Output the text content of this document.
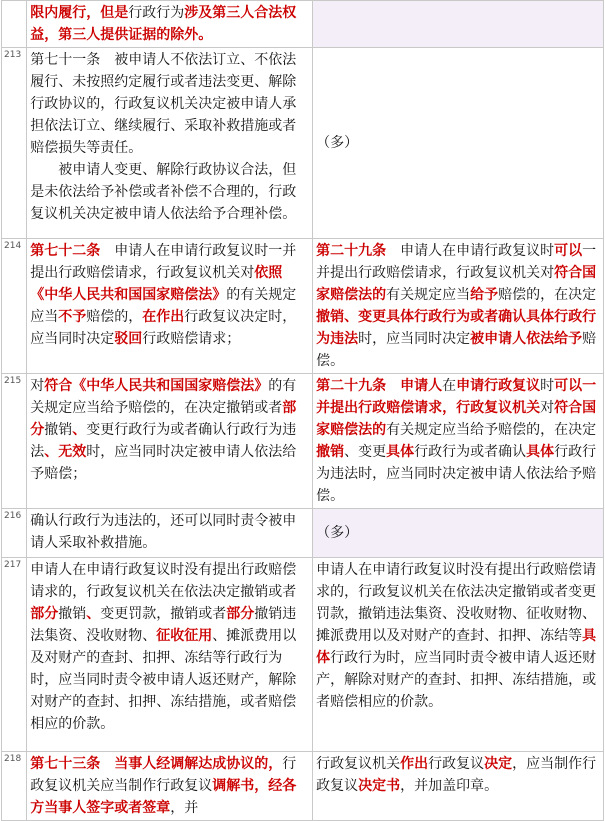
	限内履行，但是行政行为涉及第三人合法权益，第三人提供证据的除外。	
213	第七十一条　被申请人不依法订立、不依法履行、未按照约定履行或者违法变更、解除行政协议的，行政复议机关决定被申请人承担依法订立、继续履行、采取补救措施或者赔偿损失等责任。
被申请人变更、解除行政协议合法，但是未依法给予补偿或者补偿不合理的，行政复议机关决定被申请人依法给予合理补偿。	（多）
214	第七十二条　申请人在申请行政复议时一并提出行政赔偿请求，行政复议机关对依照《中华人民共和国国家赔偿法》的有关规定应当不予赔偿的，在作出行政复议决定时，应当同时决定驳回行政赔偿请求；	第二十九条　申请人在申请行政复议时可以一并提出行政赔偿请求，行政复议机关对符合国家赔偿法的有关规定应当给予赔偿的，在决定撤销、变更具体行政行为或者确认具体行政行为违法时，应当同时决定被申请人依法给予赔偿。
215	对符合《中华人民共和国国家赔偿法》的有关规定应当给予赔偿的，在决定撤销或者部分撤销、变更行政行为或者确认行政行为违法、无效时，应当同时决定被申请人依法给予赔偿；	第二十九条　申请人在申请行政复议时可以一并提出行政赔偿请求，行政复议机关对符合国家赔偿法的有关规定应当给予赔偿的，在决定撤销、变更具体行政行为或者确认具体行政行为违法时，应当同时决定被申请人依法给予赔偿。
216	确认行政行为违法的，还可以同时责令被申请人采取补救措施。	（多）
217	申请人在申请行政复议时没有提出行政赔偿请求的，行政复议机关在依法决定撤销或者部分撤销、变更罚款，撤销或者部分撤销违法集资、没收财物、征收征用、摊派费用以及对财产的查封、扣押、冻结等行政行为时，应当同时责令被申请人返还财产，解除对财产的查封、扣押、冻结措施，或者赔偿相应的价款。	申请人在申请行政复议时没有提出行政赔偿请求的，行政复议机关在依法决定撤销或者变更罚款，撤销违法集资、没收财物、征收财物、摊派费用以及对财产的查封、扣押、冻结等具体行政行为时，应当同时责令被申请人返还财产，解除对财产的查封、扣押、冻结措施，或者赔偿相应的价款。
218	第七十三条　当事人经调解达成协议的，行政复议机关应当制作行政复议调解书，经各方当事人签字或者签章，并	行政复议机关作出行政复议决定，应当制作行政复议决定书，并加盖印章。
